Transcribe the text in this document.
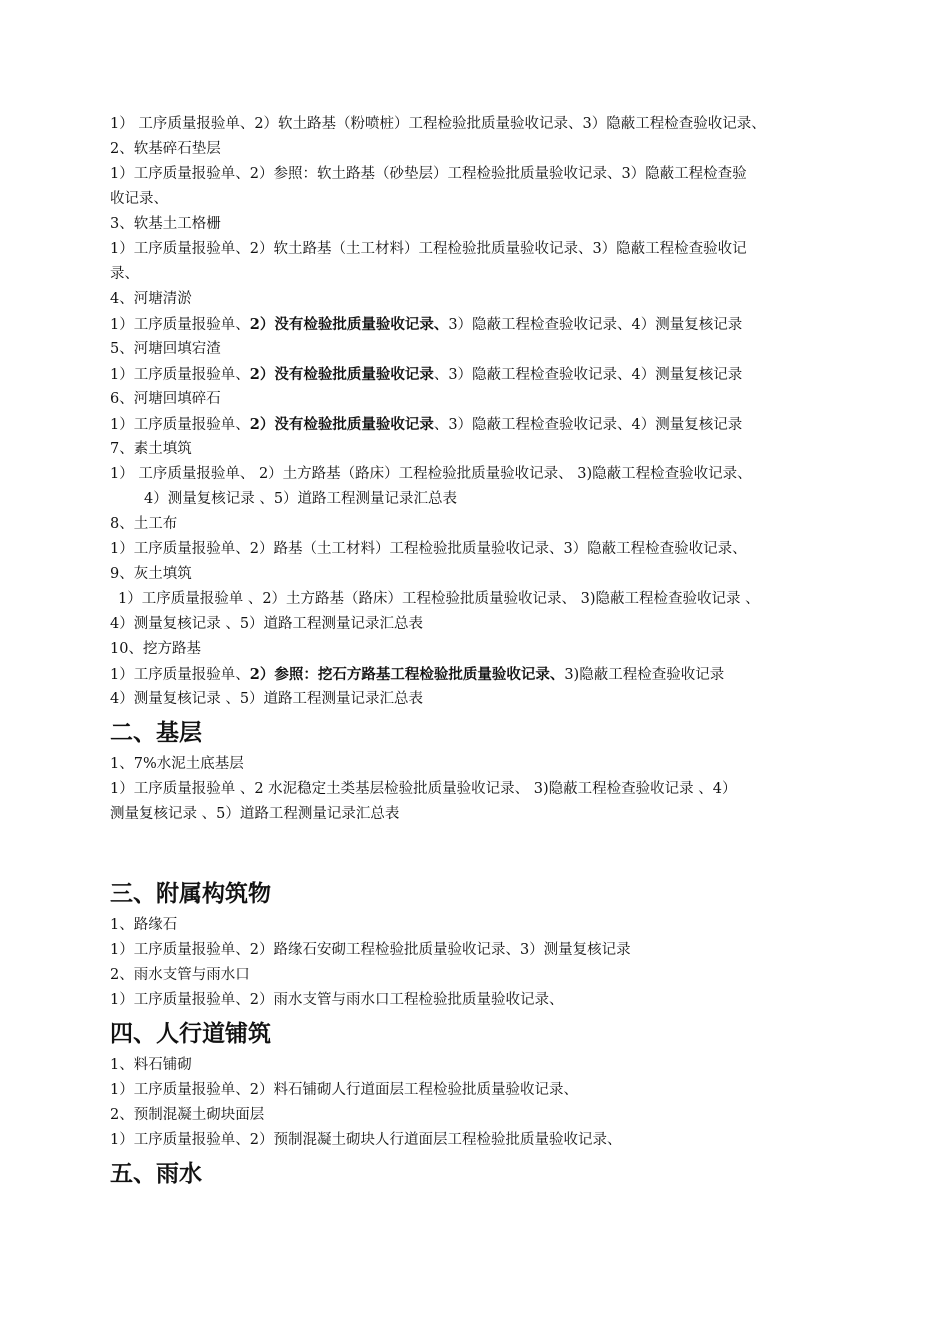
1） 工序质量报验单、2）软土路基（粉喷桩）工程检验批质量验收记录、3）隐蔽工程检查验收记录、
2、软基碎石垫层
1）工序质量报验单、2）参照：软土路基（砂垫层）工程检验批质量验收记录、3）隐蔽工程检查验
收记录、
3、软基土工格栅
1）工序质量报验单、2）软土路基（土工材料）工程检验批质量验收记录、3）隐蔽工程检查验收记
录、
4、河塘清淤
1）工序质量报验单、2）没有检验批质量验收记录、3）隐蔽工程检查验收记录、4）测量复核记录
5、河塘回填宕渣
1）工序质量报验单、2）没有检验批质量验收记录、3）隐蔽工程检查验收记录、4）测量复核记录
6、河塘回填碎石
1）工序质量报验单、2）没有检验批质量验收记录、3）隐蔽工程检查验收记录、4）测量复核记录
7、素土填筑
1） 工序质量报验单、 2）土方路基（路床）工程检验批质量验收记录、 3)隐蔽工程检查验收记录、
4）测量复核记录 、5）道路工程测量记录汇总表
8、土工布
1）工序质量报验单、2）路基（土工材料）工程检验批质量验收记录、3）隐蔽工程检查验收记录、
9、灰土填筑
1）工序质量报验单 、2）土方路基（路床）工程检验批质量验收记录、 3)隐蔽工程检查验收记录 、
4）测量复核记录 、5）道路工程测量记录汇总表
10、挖方路基
1）工序质量报验单、2）参照：挖石方路基工程检验批质量验收记录、3)隐蔽工程检查验收记录
4）测量复核记录 、5）道路工程测量记录汇总表
二、基层
1、7%水泥土底基层
1）工序质量报验单 、2 水泥稳定土类基层检验批质量验收记录、 3)隐蔽工程检查验收记录 、4）
测量复核记录 、5）道路工程测量记录汇总表
三、附属构筑物
1、路缘石
1）工序质量报验单、2）路缘石安砌工程检验批质量验收记录、3）测量复核记录
2、雨水支管与雨水口
1）工序质量报验单、2）雨水支管与雨水口工程检验批质量验收记录、
四、人行道铺筑
1、料石铺砌
1）工序质量报验单、2）料石铺砌人行道面层工程检验批质量验收记录、
2、预制混凝土砌块面层
1）工序质量报验单、2）预制混凝土砌块人行道面层工程检验批质量验收记录、
五、雨水
